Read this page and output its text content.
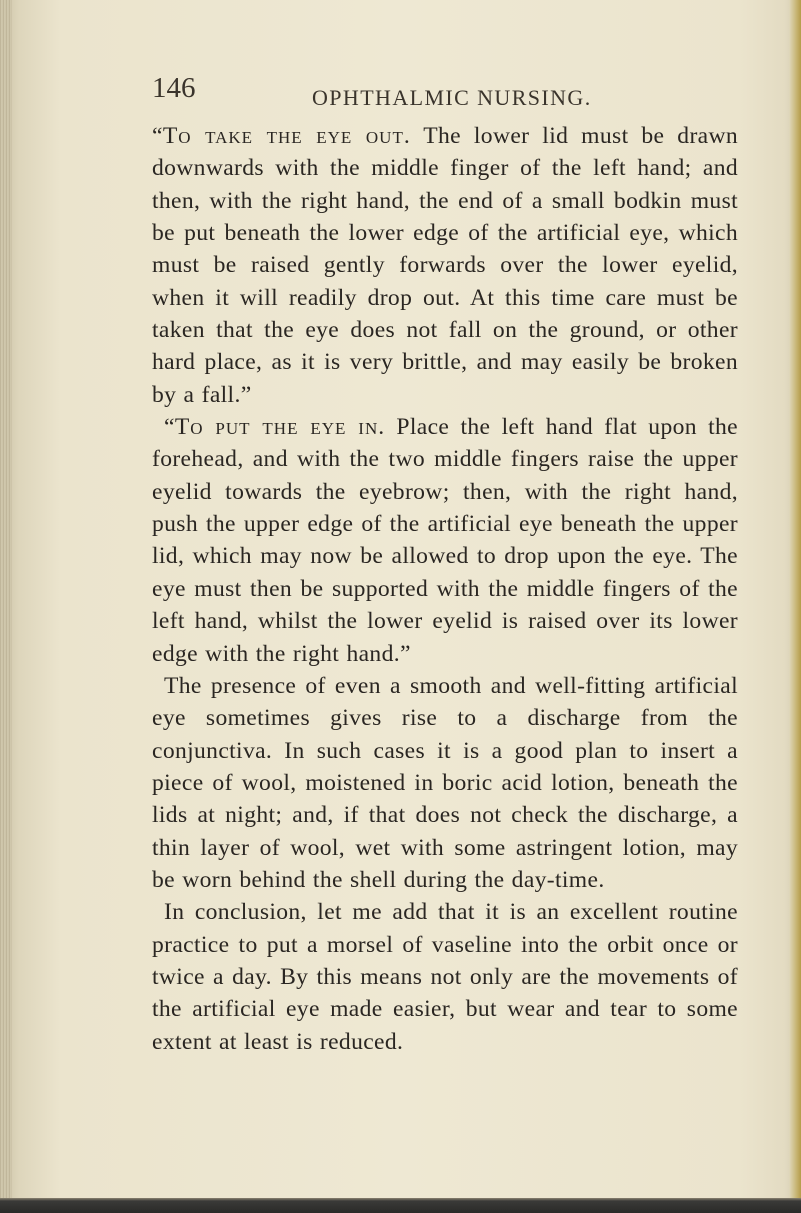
146	OPHTHALMIC NURSING.

“To take the eye out. The lower lid must be drawn downwards with the middle finger of the left hand; and then, with the right hand, the end of a small bodkin must be put beneath the lower edge of the artificial eye, which must be raised gently forwards over the lower eyelid, when it will readily drop out. At this time care must be taken that the eye does not fall on the ground, or other hard place, as it is very brittle, and may easily be broken by a fall.”

“To put the eye in. Place the left hand flat upon the forehead, and with the two middle fingers raise the upper eyelid towards the eyebrow; then, with the right hand, push the upper edge of the artificial eye beneath the upper lid, which may now be allowed to drop upon the eye. The eye must then be supported with the middle fingers of the left hand, whilst the lower eyelid is raised over its lower edge with the right hand.”

The presence of even a smooth and well-fitting artificial eye sometimes gives rise to a discharge from the conjunctiva. In such cases it is a good plan to insert a piece of wool, moistened in boric acid lotion, beneath the lids at night; and, if that does not check the discharge, a thin layer of wool, wet with some astringent lotion, may be worn behind the shell during the day-time.

In conclusion, let me add that it is an excellent routine practice to put a morsel of vaseline into the orbit once or twice a day. By this means not only are the movements of the artificial eye made easier, but wear and tear to some extent at least is reduced.
